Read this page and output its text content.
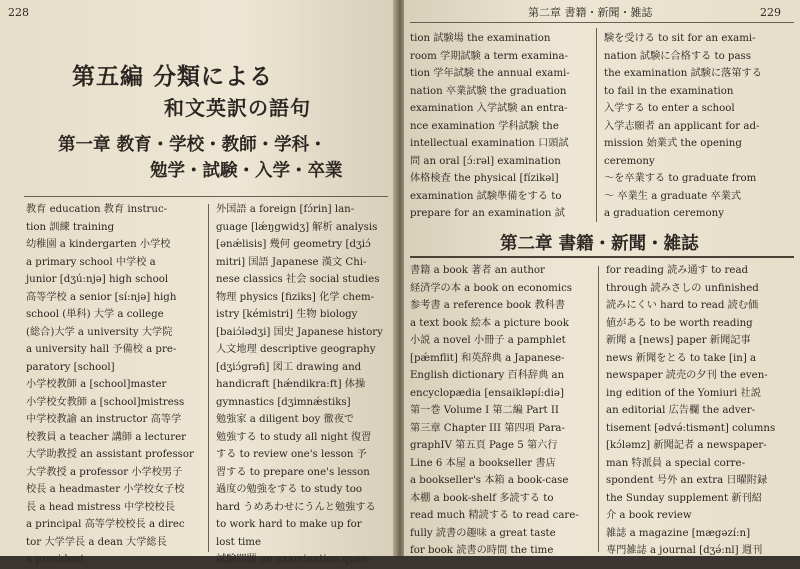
228
第五編 分類による
和文英訳の語句
第一章 教育・学校・教師・学科・
勉学・試験・入学・卒業
教育 education 教育 instruc-
tion 訓練 training
幼稚園 a kindergarten 小学校
a primary school 中学校 a
junior [dʒú:njə] high school
高等学校 a senior [sí:njə] high
school (単科) 大学 a college
(総合)大学 a university 大学院
a university hall 予備校 a pre-
paratory [school]
小学校教師 a [school]master
小学校女教師 a [school]mistress
中学校教諭 an instructor 高等学
校教員 a teacher 講師 a lecturer
大学助教授 an assistant professor
大学教授 a professor 小学校男子
校長 a headmaster 小学校女子校
長 a head mistress 中学校校長
a principal 高等学校校長 a direc
tor 大学学長 a dean 大学総長
a president
外国語 a foreign [fɔ́rin] lan-
guage [lǽŋgwidʒ] 解析 analysis
[ənǽlisis] 幾何 geometry [dʒiɔ́
mitri] 国語 Japanese 漢文 Chi-
nese classics 社会 social studies
物理 physics [fiziks] 化学 chem-
istry [kémistri] 生物 biology
[baiɔ́lədʒi] 国史 Japanese history
人文地理 descriptive geography
[dʒiɔ́grəfi] 図工 drawing and
handicraft [hǽndikra:ft] 体操
gymnastics [dʒimnǽstiks]
勉強家 a diligent boy 徹夜で
勉強する to study all night 復習
する to review one's lesson 予
習する to prepare one's lesson
過度の勉強をする to study too
hard うめあわせにうんと勉強する
to work hard to make up for
lost time
試験問題 an examination ques-
第二章 書籍・新聞・雑誌	229
tion 試験場 the examination
room 学期試験 a term examina-
tion 学年試験 the annual exami-
nation 卒業試験 the graduation
examination 入学試験 an entra-
nce examination 学科試験 the
intellectual examination 口頭試
問 an oral [ɔ́:rəl] examination
体格検査 the physical [fízikəl]
examination 試験準備をする to
prepare for an examination 試
験を受ける to sit for an exami-
nation 試験に合格する to pass
the examination 試験に落第する
to fail in the examination
入学する to enter a school
入学志願者 an applicant for ad-
mission 始業式 the opening
ceremony
～を卒業する to graduate from
～ 卒業生 a graduate 卒業式
a graduation ceremony
第二章 書籍・新聞・雑誌
書籍 a book 著者 an author
経済学の本 a book on economics
参考書 a reference book 教科書
a text book 絵本 a picture book
小説 a novel 小冊子 a pamphlet
[pǽmflit] 和英辞典 a Japanese-
English dictionary 百科辞典 an
encyclopædia [ensaikləpí:diə]
第一巻 Volume I 第二編 Part II
第三章 Chapter III 第四項 Para-
graphIV 第五頁 Page 5 第六行
Line 6 本屋 a bookseller 書店
a bookseller's 本箱 a book-case
本棚 a book-shelf 多読する to
read much 精読する to read care-
fully 読書の趣味 a great taste
for book 読書の時間 the time
for reading 読み通す to read
through 読みさしの unfinished
読みにくい hard to read 読む価
値がある to be worth reading
新聞 a [news] paper 新聞記事
news 新聞をとる to take [in] a
newspaper 読売の夕刊 the even-
ing edition of the Yomiuri 社説
an editorial 広告欄 the adver-
tisement [ədvə́:tismənt] columns
[kɔ́ləmz] 新聞記者 a newspaper-
man 特派員 a special corre-
spondent 号外 an extra 日曜附録
the Sunday supplement 新刊紹
介 a book review
雑誌 a magazine [mægəzí:n]
専門雑誌 a journal [dʒə́:nl] 週刊
